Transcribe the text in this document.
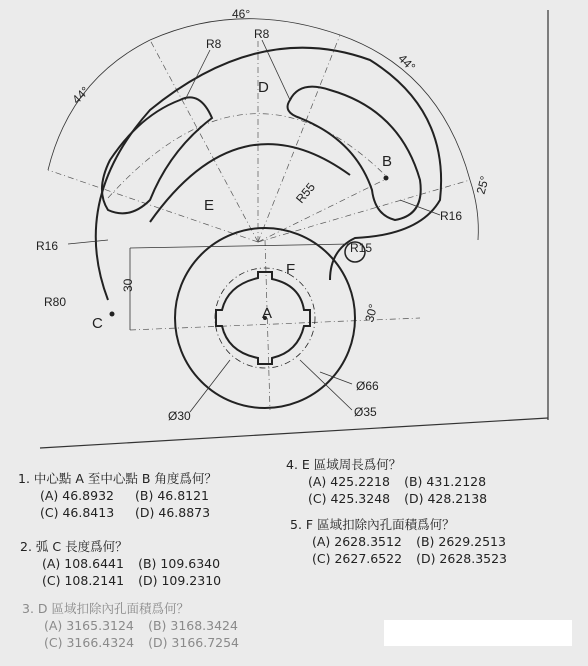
46°
44°
44°
25°
R8
R8
R55
R16
R16
R15
R80
30
30°
Ø66
Ø35
Ø30
D
E
F
A
B
C
1. 中心點 A 至中心點 B 角度爲何？
(A) 46.8932	(B) 46.8121
(C) 46.8413	(D) 46.8873
2. 弧 C 長度爲何？
(A) 108.6441 (B) 109.6340
(C) 108.2141 (D) 109.2310
3. D 區域扣除內孔面積爲何？
(A) 3165.3124 (B) 3168.3424
(C) 3166.4324 (D) 3166.7254
4. E 區域周長爲何？
(A) 425.2218 (B) 431.2128
(C) 425.3248 (D) 428.2138
5. F 區域扣除內孔面積爲何？
(A) 2628.3512 (B) 2629.2513
(C) 2627.6522 (D) 2628.3523
